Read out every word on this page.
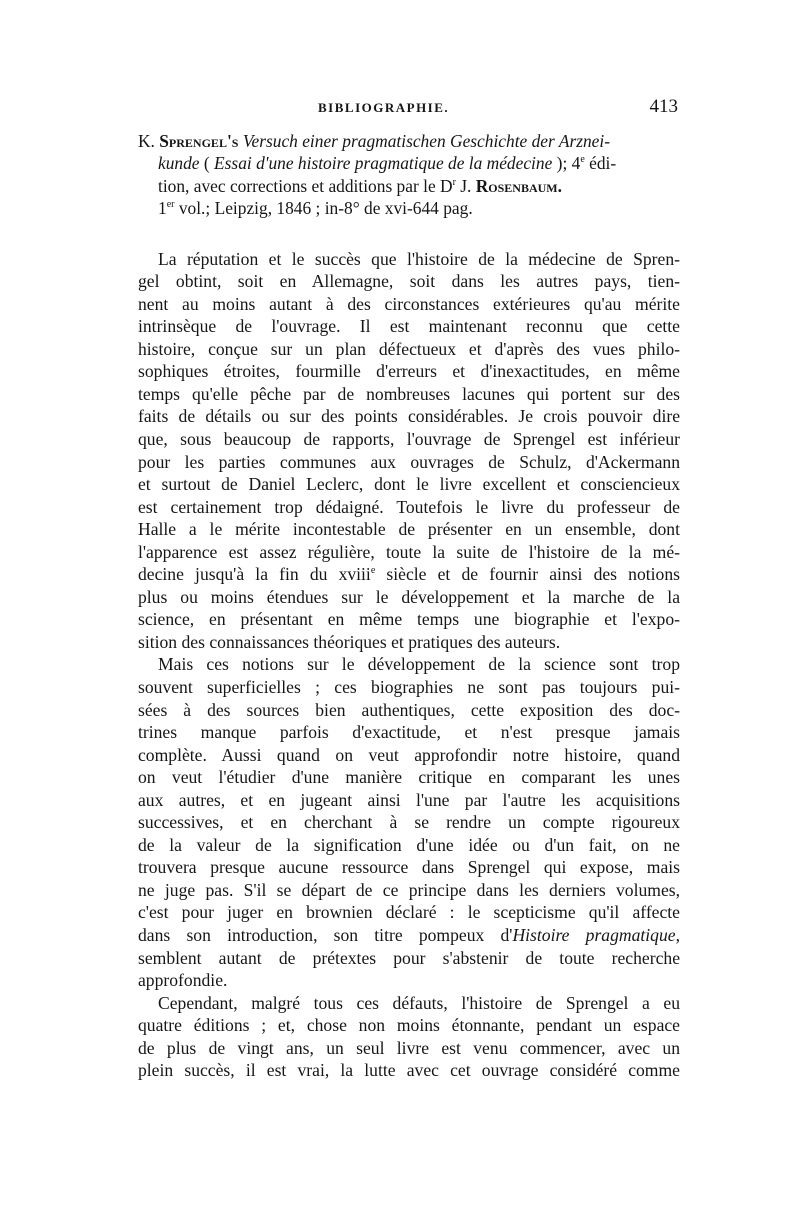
BIBLIOGRAPHIE.	413
K. Sprengel's Versuch einer pragmatischen Geschichte der Arznei-
kunde ( Essai d'une histoire pragmatique de la médecine ); 4e édi-
tion, avec corrections et additions par le $D^r$ J. Rosenbaum.
1er vol.; Leipzig, 1846 ; in-8° de xvi-644 pag.
La réputation et le succès que l'histoire de la médecine de Spren-
gel obtint, soit en Allemagne, soit dans les autres pays, tien-
nent au moins autant à des circonstances extérieures qu'au mérite
intrinsèque de l'ouvrage. Il est maintenant reconnu que cette
histoire, conçue sur un plan défectueux et d'après des vues philo-
sophiques étroites, fourmille d'erreurs et d'inexactitudes, en même
temps qu'elle pêche par de nombreuses lacunes qui portent sur des
faits de détails ou sur des points considérables. Je crois pouvoir dire
que, sous beaucoup de rapports, l'ouvrage de Sprengel est inférieur
pour les parties communes aux ouvrages de Schulz, d'Ackermann
et surtout de Daniel Leclerc, dont le livre excellent et consciencieux
est certainement trop dédaigné. Toutefois le livre du professeur de
Halle a le mérite incontestable de présenter en un ensemble, dont
l'apparence est assez régulière, toute la suite de l'histoire de la mé-
decine jusqu'à la fin du xviii$^e$ siècle et de fournir ainsi des notions
plus ou moins étendues sur le développement et la marche de la
science, en présentant en même temps une biographie et l'expo-
sition des connaissances théoriques et pratiques des auteurs.
Mais ces notions sur le développement de la science sont trop
souvent superficielles ; ces biographies ne sont pas toujours pui-
sées à des sources bien authentiques, cette exposition des doc-
trines manque parfois d'exactitude, et n'est presque jamais
complète. Aussi quand on veut approfondir notre histoire, quand
on veut l'étudier d'une manière critique en comparant les unes
aux autres, et en jugeant ainsi l'une par l'autre les acquisitions
successives, et en cherchant à se rendre un compte rigoureux
de la valeur de la signification d'une idée ou d'un fait, on ne
trouvera presque aucune ressource dans Sprengel qui expose, mais
ne juge pas. S'il se départ de ce principe dans les derniers volumes,
c'est pour juger en brownien déclaré : le scepticisme qu'il affecte
dans son introduction, son titre pompeux d'Histoire pragmatique,
semblent autant de prétextes pour s'abstenir de toute recherche
approfondie.
Cependant, malgré tous ces défauts, l'histoire de Sprengel a eu
quatre éditions ; et, chose non moins étonnante, pendant un espace
de plus de vingt ans, un seul livre est venu commencer, avec un
plein succès, il est vrai, la lutte avec cet ouvrage considéré comme
